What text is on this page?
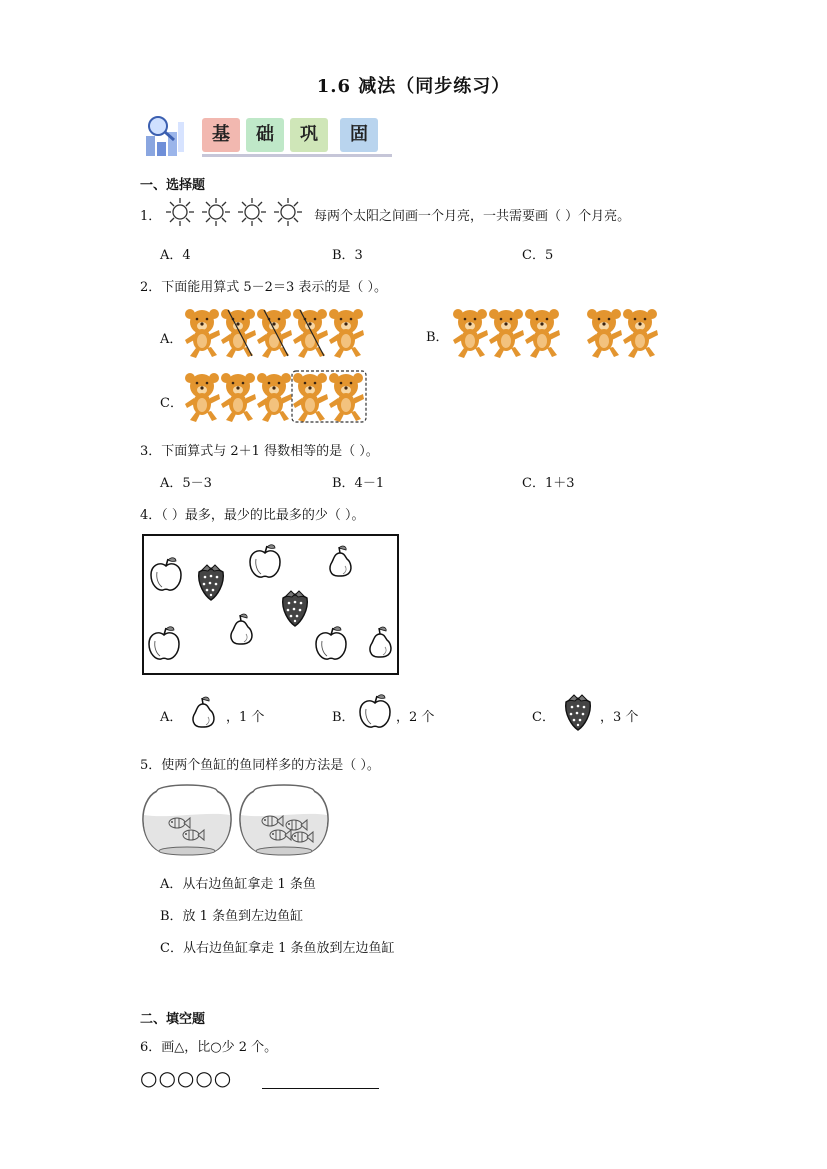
1.6 减法（同步练习）
基	础	巩	固
一、选择题
1．	每两个太阳之间画一个月亮，一共需要画（ ）个月亮。
A．4	B．3	C．5
2．下面能用算式 5－2＝3 表示的是（ ）。
A．	B．
C．
3．下面算式与 2＋1 得数相等的是（ ）。
A．5－3	B．4－1	C．1＋3
4．（ ）最多，最少的比最多的少（ ）。
A．	，1 个	B．	，2 个	C．	，3 个
5．使两个鱼缸的鱼同样多的方法是（ ）。
A．从右边鱼缸拿走 1 条鱼
B．放 1 条鱼到左边鱼缸
C．从右边鱼缸拿走 1 条鱼放到左边鱼缸
二、填空题
6．画△，比○少 2 个。
○○○○○
